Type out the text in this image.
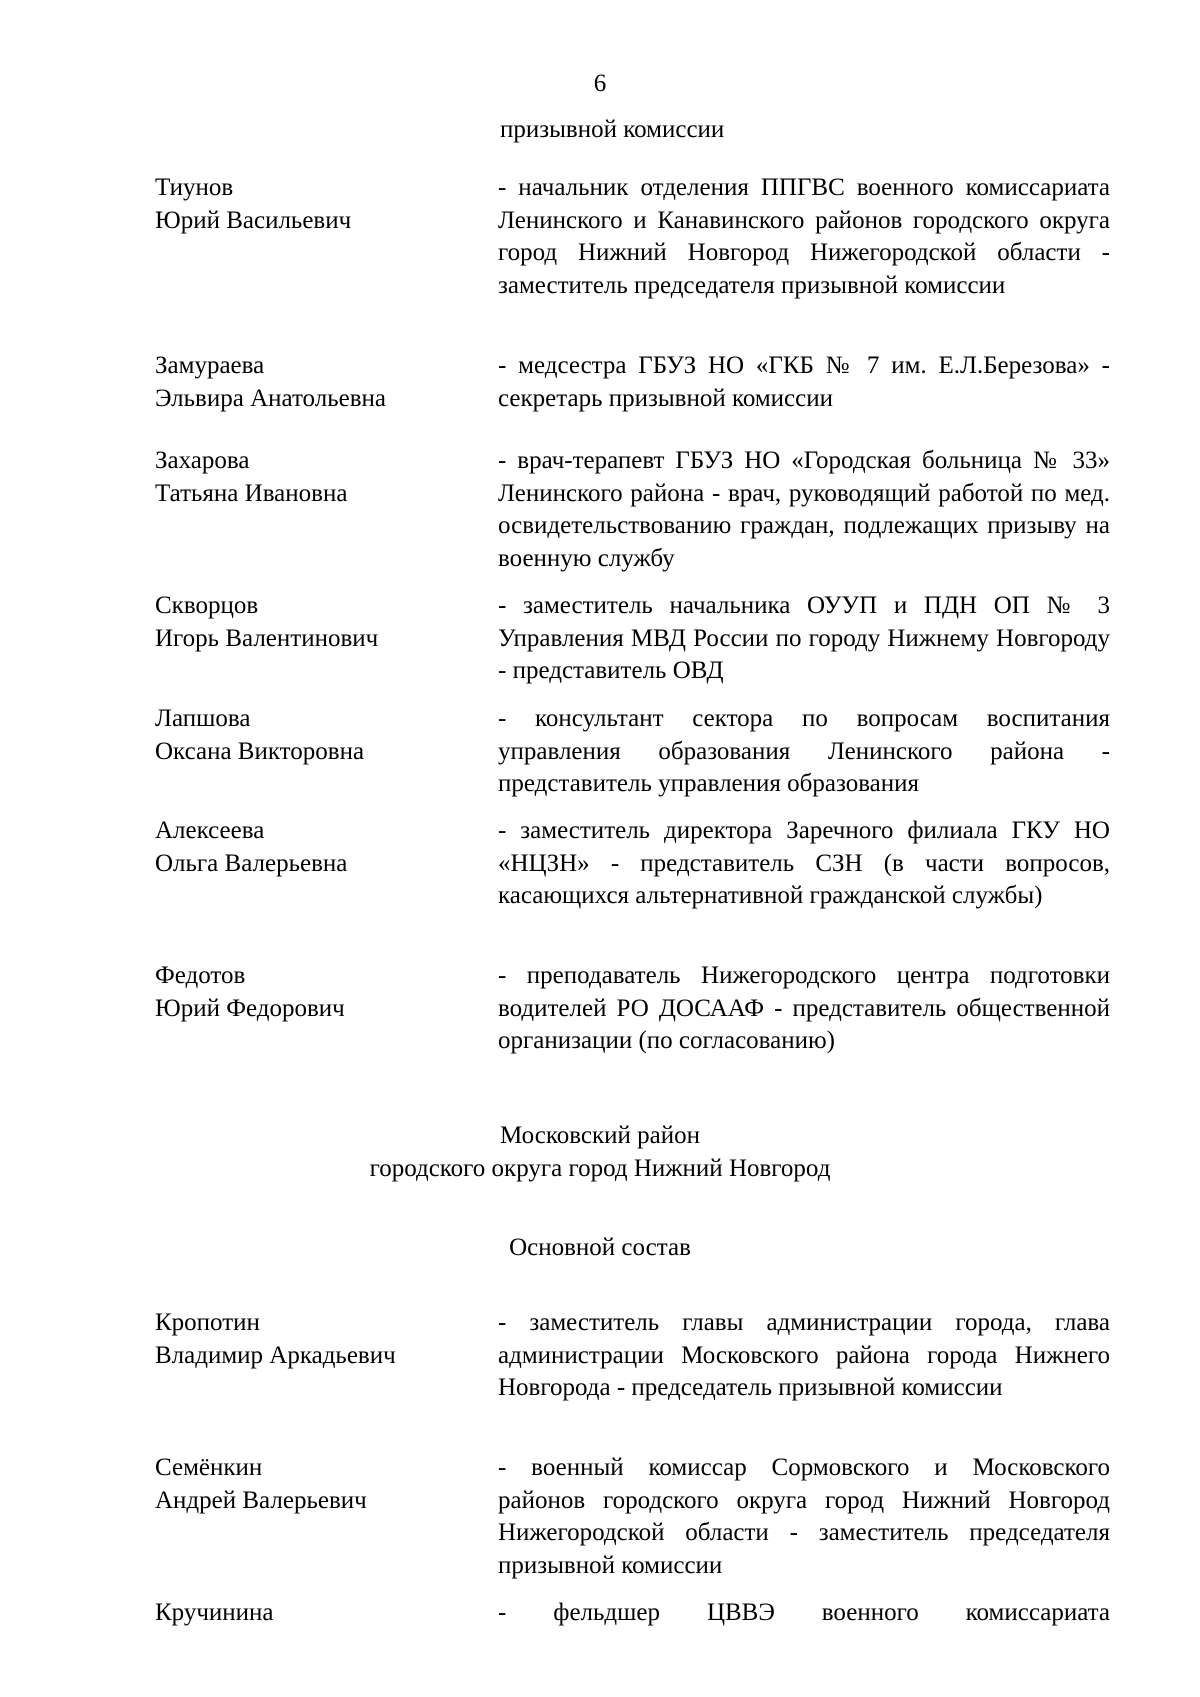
6
призывной комиссии
Тиунов
Юрий Васильевич
- начальник отделения ППГВС военного комиссариата Ленинского и Канавинского районов городского округа город Нижний Новгород Нижегородской области - заместитель председателя призывной комиссии
Замураева
Эльвира Анатольевна
- медсестра ГБУЗ НО «ГКБ № 7 им. Е.Л.Березова» - секретарь призывной комиссии
Захарова
Татьяна Ивановна
- врач-терапевт ГБУЗ НО «Городская больница № 33» Ленинского района - врач, руководящий работой по мед. освидетельствованию граждан, подлежащих призыву на военную службу
Скворцов
Игорь Валентинович
- заместитель начальника ОУУП и ПДН ОП № 3 Управления МВД России по городу Нижнему Новгороду - представитель ОВД
Лапшова
Оксана Викторовна
- консультант сектора по вопросам воспитания управления образования Ленинского района - представитель управления образования
Алексеева
Ольга Валерьевна
- заместитель директора Заречного филиала ГКУ НО «НЦЗН» - представитель СЗН (в части вопросов, касающихся альтернативной гражданской службы)
Федотов
Юрий Федорович
- преподаватель Нижегородского центра подготовки водителей РО ДОСААФ - представитель общественной организации (по согласованию)
Московский район
городского округа город Нижний Новгород
Основной состав
Кропотин
Владимир Аркадьевич
- заместитель главы администрации города, глава администрации Московского района города Нижнего Новгорода - председатель призывной комиссии
Семёнкин
Андрей Валерьевич
- военный комиссар Сормовского и Московского районов городского округа город Нижний Новгород Нижегородской области - заместитель председателя призывной комиссии
Кручинина	- фельдшер ЦВВЭ военного комиссариата
